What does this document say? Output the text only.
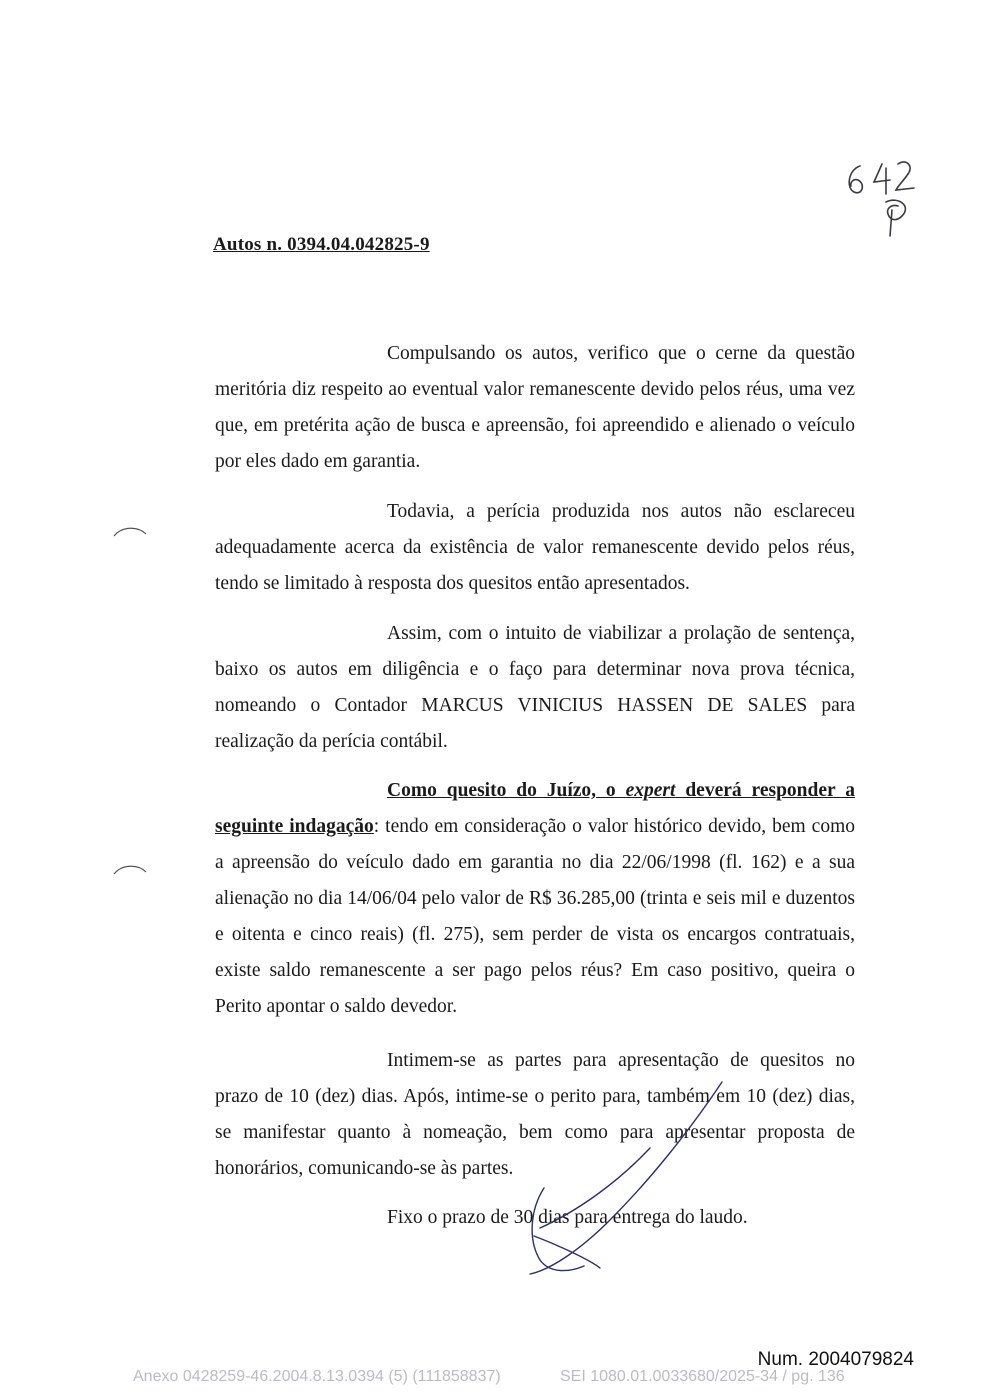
Autos n. 0394.04.042825-9

Compulsando os autos, verifico que o cerne da questão meritória diz respeito ao eventual valor remanescente devido pelos réus, uma vez que, em pretérita ação de busca e apreensão, foi apreendido e alienado o veículo por eles dado em garantia.

Todavia, a perícia produzida nos autos não esclareceu adequadamente acerca da existência de valor remanescente devido pelos réus, tendo se limitado à resposta dos quesitos então apresentados.

Assim, com o intuito de viabilizar a prolação de sentença, baixo os autos em diligência e o faço para determinar nova prova técnica, nomeando o Contador MARCUS VINICIUS HASSEN DE SALES para realização da perícia contábil.

Como quesito do Juízo, o expert deverá responder a seguinte indagação: tendo em consideração o valor histórico devido, bem como a apreensão do veículo dado em garantia no dia 22/06/1998 (fl. 162) e a sua alienação no dia 14/06/04 pelo valor de R$ 36.285,00 (trinta e seis mil e duzentos e oitenta e cinco reais) (fl. 275), sem perder de vista os encargos contratuais, existe saldo remanescente a ser pago pelos réus? Em caso positivo, queira o Perito apontar o saldo devedor.

Intimem-se as partes para apresentação de quesitos no prazo de 10 (dez) dias. Após, intime-se o perito para, também em 10 (dez) dias, se manifestar quanto à nomeação, bem como para apresentar proposta de honorários, comunicando-se às partes.

Fixo o prazo de 30 dias para entrega do laudo.

Num. 2004079824
Anexo 0428259-46.2004.8.13.0394 (5) (111858837)	SEI 1080.01.0033680/2025-34 / pg. 136
